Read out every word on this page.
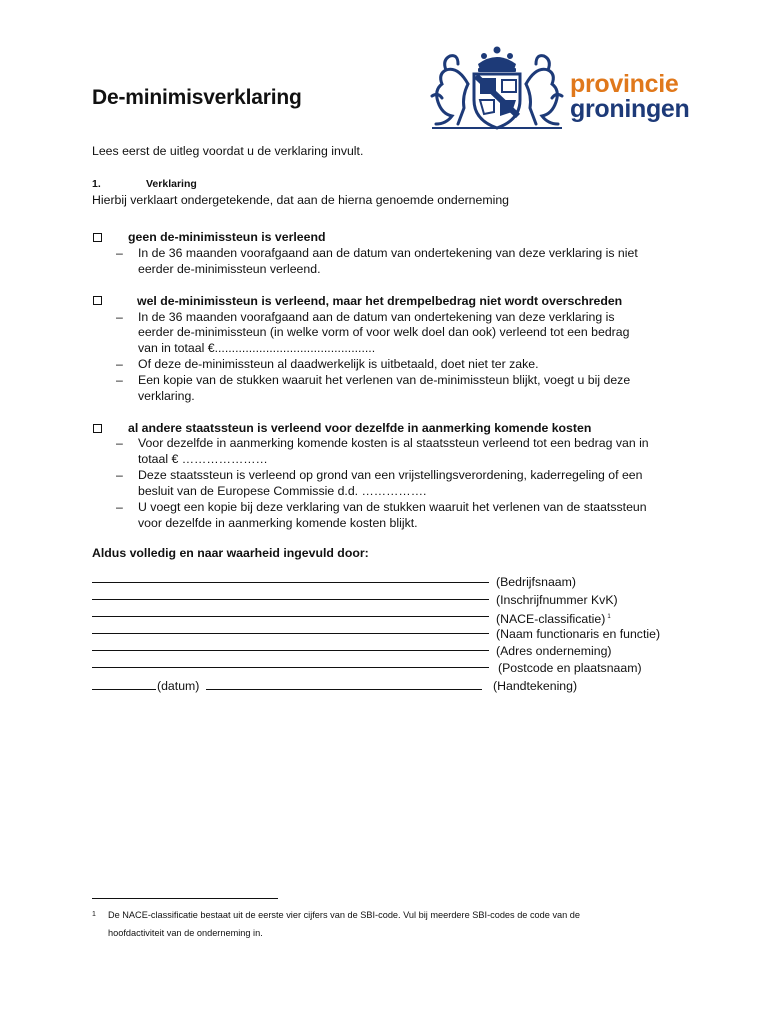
provincie
groningen
De-minimisverklaring
Lees eerst de uitleg voordat u de verklaring invult.
1.	Verklaring
Hierbij verklaart ondergetekende, dat aan de hierna genoemde onderneming
geen de-minimissteun is verleend
–	In de 36 maanden voorafgaand aan de datum van ondertekening van deze verklaring is niet
eerder de-minimissteun verleend.
wel de-minimissteun is verleend, maar het drempelbedrag niet wordt overschreden
–	In de 36 maanden voorafgaand aan de datum van ondertekening van deze verklaring is
eerder de-minimissteun (in welke vorm of voor welk doel dan ook) verleend tot een bedrag
van in totaal €...............................................
–	Of deze de-minimissteun al daadwerkelijk is uitbetaald, doet niet ter zake.
–	Een kopie van de stukken waaruit het verlenen van de-minimissteun blijkt, voegt u bij deze
verklaring.
al andere staatssteun is verleend voor dezelfde in aanmerking komende kosten
–	Voor dezelfde in aanmerking komende kosten is al staatssteun verleend tot een bedrag van in
totaal € …………………
–	Deze staatssteun is verleend op grond van een vrijstellingsverordening, kaderregeling of een
besluit van de Europese Commissie d.d. …………….
–	U voegt een kopie bij deze verklaring van de stukken waaruit het verlenen van de staatssteun
voor dezelfde in aanmerking komende kosten blijkt.
Aldus volledig en naar waarheid ingevuld door:
(Bedrijfsnaam)
(Inschrijfnummer KvK)
(NACE-classificatie) $^1$
(Naam functionaris en functie)
(Adres onderneming)
(Postcode en plaatsnaam)
(datum)	(Handtekening)
1 De NACE-classificatie bestaat uit de eerste vier cijfers van de SBI-code. Vul bij meerdere SBI-codes de code van de
hoofdactiviteit van de onderneming in.
